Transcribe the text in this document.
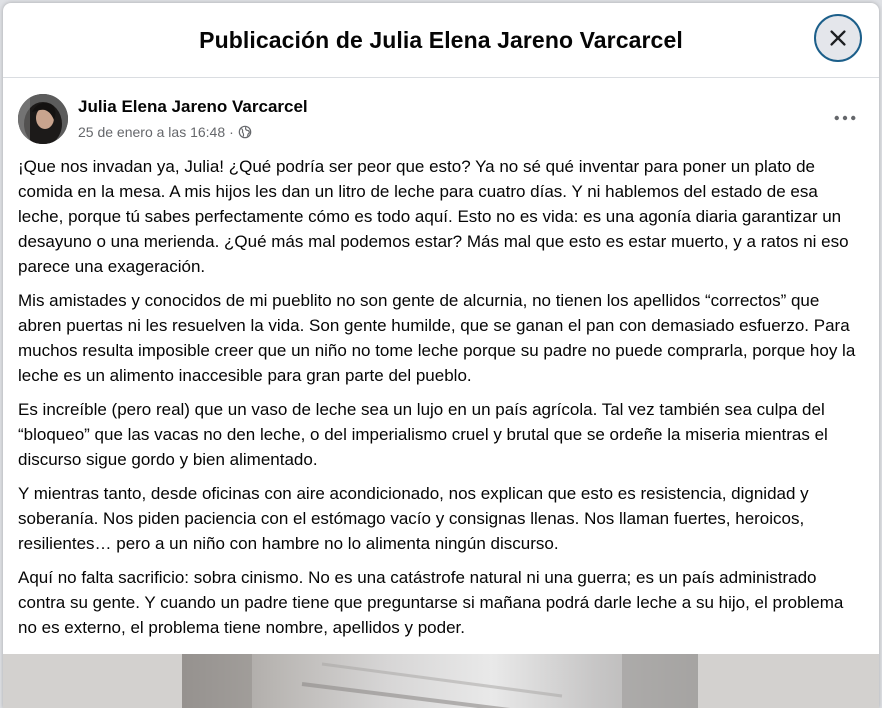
Publicación de Julia Elena Jareno Varcarcel
Julia Elena Jareno Varcarcel
25 de enero a las 16:48 ·

¡Que nos invadan ya, Julia! ¿Qué podría ser peor que esto? Ya no sé qué inventar para poner un plato de comida en la mesa. A mis hijos les dan un litro de leche para cuatro días. Y ni hablemos del estado de esa leche, porque tú sabes perfectamente cómo es todo aquí. Esto no es vida: es una agonía diaria garantizar un desayuno o una merienda. ¿Qué más mal podemos estar? Más mal que esto es estar muerto, y a ratos ni eso parece una exageración.

Mis amistades y conocidos de mi pueblito no son gente de alcurnia, no tienen los apellidos “correctos” que abren puertas ni les resuelven la vida. Son gente humilde, que se ganan el pan con demasiado esfuerzo. Para muchos resulta imposible creer que un niño no tome leche porque su padre no puede comprarla, porque hoy la leche es un alimento inaccesible para gran parte del pueblo.

Es increíble (pero real) que un vaso de leche sea un lujo en un país agrícola. Tal vez también sea culpa del “bloqueo” que las vacas no den leche, o del imperialismo cruel y brutal que se ordeñe la miseria mientras el discurso sigue gordo y bien alimentado.

Y mientras tanto, desde oficinas con aire acondicionado, nos explican que esto es resistencia, dignidad y soberanía. Nos piden paciencia con el estómago vacío y consignas llenas. Nos llaman fuertes, heroicos, resilientes… pero a un niño con hambre no lo alimenta ningún discurso.

Aquí no falta sacrificio: sobra cinismo. No es una catástrofe natural ni una guerra; es un país administrado contra su gente. Y cuando un padre tiene que preguntarse si mañana podrá darle leche a su hijo, el problema no es externo, el problema tiene nombre, apellidos y poder.
